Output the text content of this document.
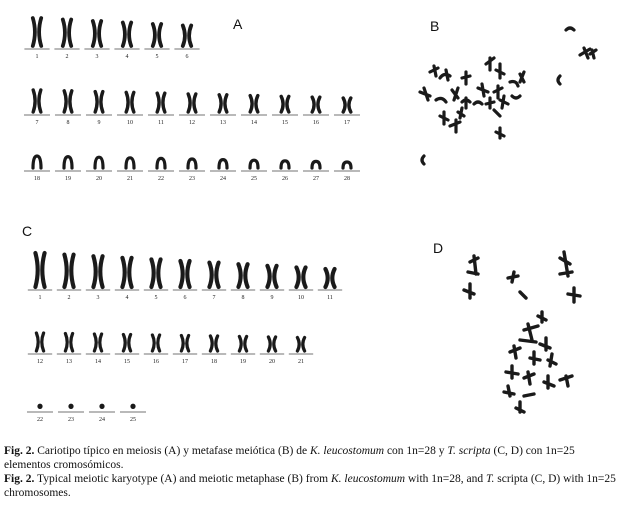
A	B
C
D
1	2	3	4	5	6
7	8	9	10	11	12	13	14	15	16	17
18	19	20	21	22	23	24	25	26	27	28
1	2	3	4	5	6	7	8	9	10	11
12	13	14	15	16	17	18	19	20	21
22	23	24	25

Fig. 2. Cariotipo típico en meiosis (A) y metafase meiótica (B) de K. leucostomum con 1n=28 y T. scripta (C, D) con 1n=25 elementos cromosómicos.

Fig. 2. Typical meiotic karyotype (A) and meiotic metaphase (B) from K. leucostomum with 1n=28, and T. scripta (C, D) with 1n=25 chromosomes.
